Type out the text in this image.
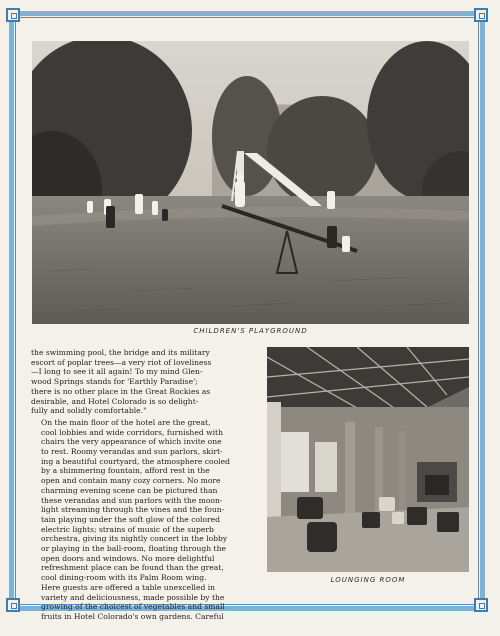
CHILDREN'S PLAYGROUND
LOUNGING ROOM

the swimming pool, the bridge and its military
escort of poplar trees—a very riot of loveliness
—I long to see it all again! To my mind Glen-
wood Springs stands for 'Earthly Paradise';
there is no other place in the Great Rockies as
desirable, and Hotel Colorado is so delight-
fully and solidly comfortable."

On the main floor of the hotel are the great,
cool lobbies and wide corridors, furnished with
chairs the very appearance of which invite one
to rest. Roomy verandas and sun parlors, skirt-
ing a beautiful courtyard, the atmosphere cooled
by a shimmering fountain, afford rest in the
open and contain many cozy corners. No more
charming evening scene can be pictured than
these verandas and sun parlors with the moon-
light streaming through the vines and the foun-
tain playing under the soft glow of the colored
electric lights; strains of music of the superb
orchestra, giving its nightly concert in the lobby
or playing in the ball-room, floating through the
open doors and windows. No more delightful
refreshment place can be found than the great,
cool dining-room with its Palm Room wing.
Here guests are offered a table unexcelled in
variety and deliciousness, made possible by the
growing of the choicest of vegetables and small
fruits in Hotel Colorado's own gardens. Careful
